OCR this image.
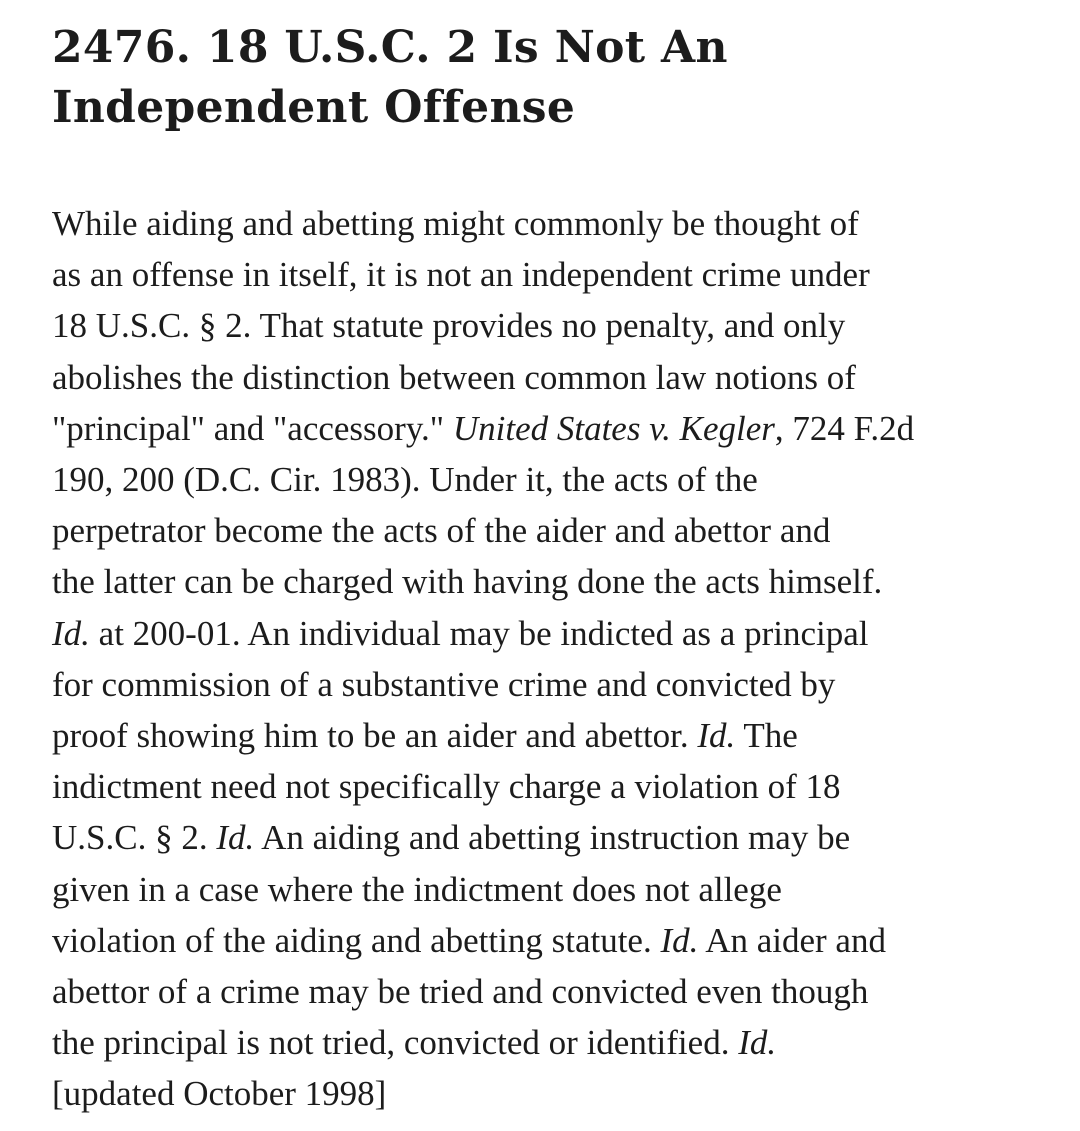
2476. 18 U.S.C. 2 Is Not An
Independent Offense
While aiding and abetting might commonly be thought of
as an offense in itself, it is not an independent crime under
18 U.S.C. § 2. That statute provides no penalty, and only
abolishes the distinction between common law notions of
"principal" and "accessory." United States v. Kegler, 724 F.2d
190, 200 (D.C. Cir. 1983). Under it, the acts of the
perpetrator become the acts of the aider and abettor and
the latter can be charged with having done the acts himself.
Id. at 200-01. An individual may be indicted as a principal
for commission of a substantive crime and convicted by
proof showing him to be an aider and abettor. Id. The
indictment need not specifically charge a violation of 18
U.S.C. § 2. Id. An aiding and abetting instruction may be
given in a case where the indictment does not allege
violation of the aiding and abetting statute. Id. An aider and
abettor of a crime may be tried and convicted even though
the principal is not tried, convicted or identified. Id.
[updated October 1998]
